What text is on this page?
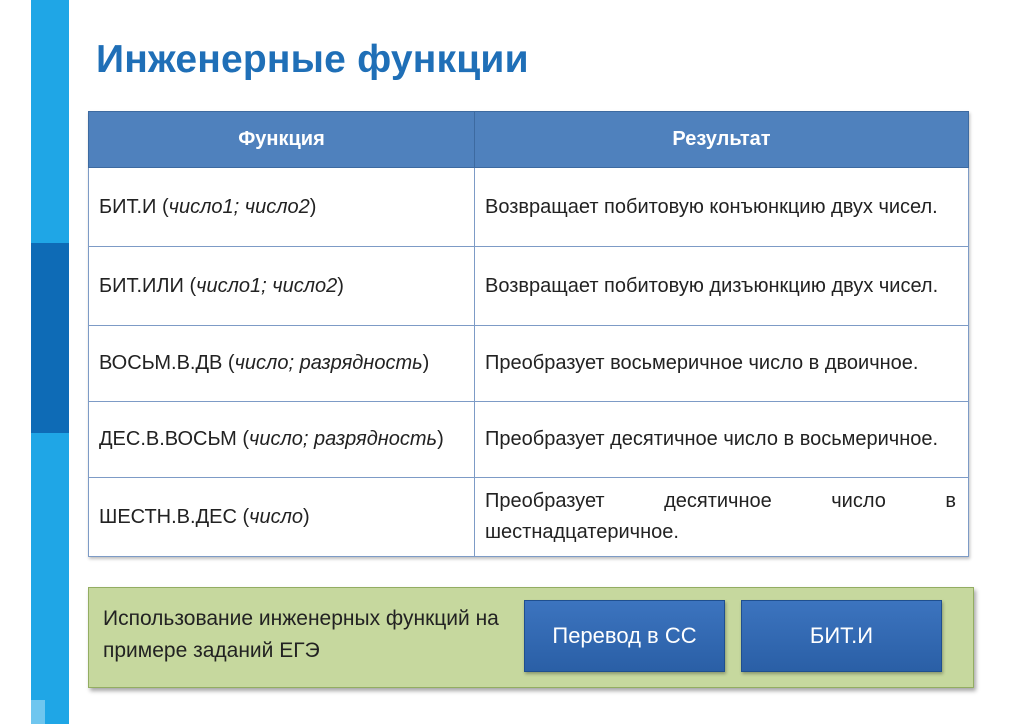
Инженерные функции
Функция	Результат
БИТ.И (число1; число2)	Возвращает побитовую конъюнкцию двух чисел.
БИТ.ИЛИ (число1; число2)	Возвращает побитовую дизъюнкцию двух чисел.
ВОСЬМ.В.ДВ (число; разрядность)	Преобразует восьмеричное число в двоичное.
ДЕС.В.ВОСЬМ (число; разрядность)	Преобразует десятичное число в восьмеричное.
ШЕСТН.В.ДЕС (число)	Преобразует десятичное число в шестнадцатеричное.
Использование инженерных функций на примере заданий ЕГЭ
Перевод в СС	БИТ.И
